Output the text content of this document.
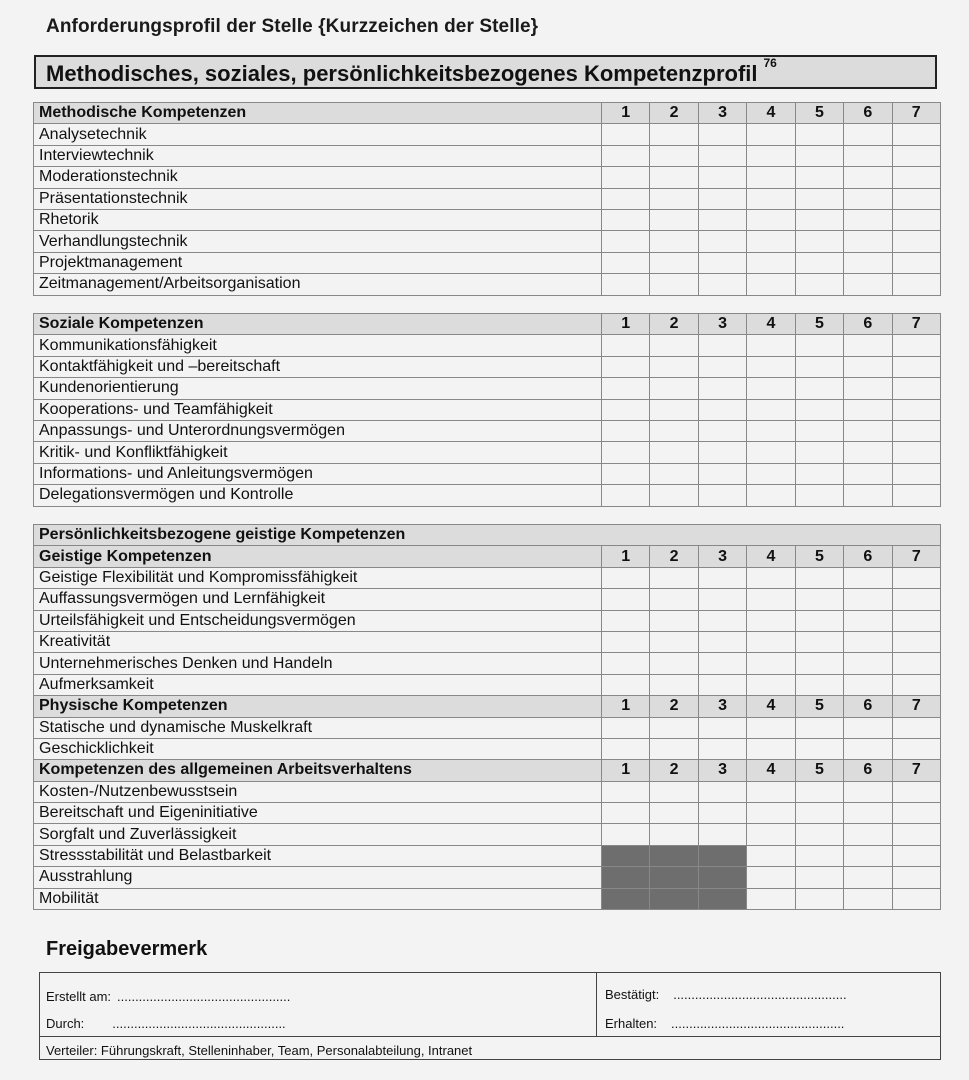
Anforderungsprofil der Stelle {Kurzzeichen der Stelle}
Methodisches, soziales, persönlichkeitsbezogenes Kompetenzprofil $^{76}$
Methodische Kompetenzen	1	2	3	4	5	6	7
Analysetechnik							
Interviewtechnik							
Moderationstechnik							
Präsentationstechnik							
Rhetorik							
Verhandlungstechnik							
Projektmanagement							
Zeitmanagement/Arbeitsorganisation							
Soziale Kompetenzen	1	2	3	4	5	6	7
Kommunikationsfähigkeit							
Kontaktfähigkeit und –bereitschaft							
Kundenorientierung							
Kooperations- und Teamfähigkeit							
Anpassungs- und Unterordnungsvermögen							
Kritik- und Konfliktfähigkeit							
Informations- und Anleitungsvermögen							
Delegationsvermögen und Kontrolle							
Persönlichkeitsbezogene geistige Kompetenzen							
Geistige Kompetenzen	1	2	3	4	5	6	7
Geistige Flexibilität und Kompromissfähigkeit							
Auffassungsvermögen und Lernfähigkeit							
Urteilsfähigkeit und Entscheidungsvermögen							
Kreativität							
Unternehmerisches Denken und Handeln							
Aufmerksamkeit							
Physische Kompetenzen	1	2	3	4	5	6	7
Statische und dynamische Muskelkraft							
Geschicklichkeit							
Kompetenzen des allgemeinen Arbeitsverhaltens	1	2	3	4	5	6	7
Kosten-/Nutzenbewusstsein							
Bereitschaft und Eigeninitiative							
Sorgfalt und Zuverlässigkeit							
Stressstabilität und Belastbarkeit							
Ausstrahlung							
Mobilität							
Freigabevermerk
Erstellt am: ................................................
Durch: ................................................
Bestätigt: ................................................
Erhalten: ................................................
Verteiler: Führungskraft, Stelleninhaber, Team, Personalabteilung, Intranet
